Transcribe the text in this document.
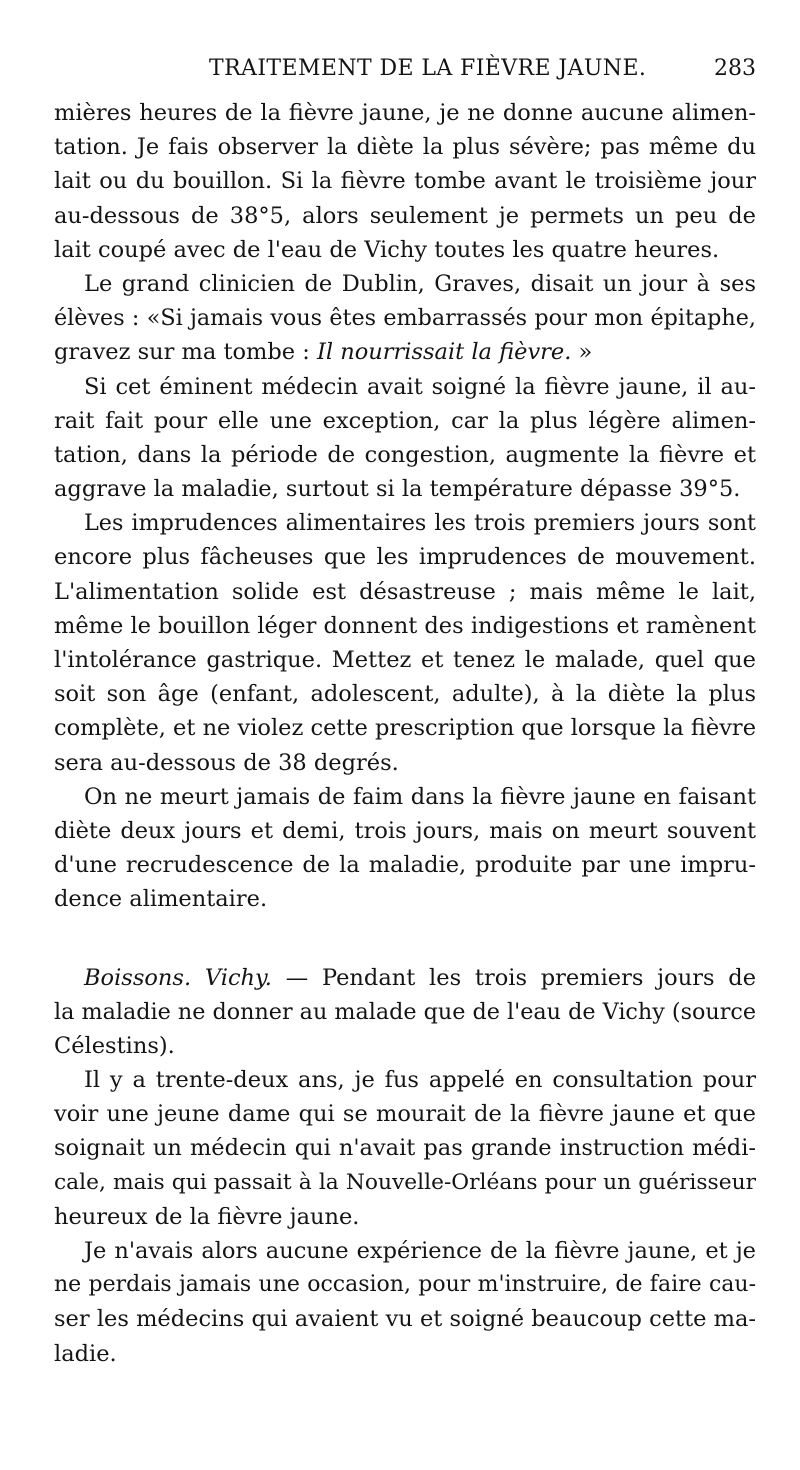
TRAITEMENT DE LA FIÈVRE JAUNE.	283
mières heures de la fièvre jaune, je ne donne aucune alimen-
tation. Je fais observer la diète la plus sévère; pas même du
lait ou du bouillon. Si la fièvre tombe avant le troisième jour
au-dessous de 38°5, alors seulement je permets un peu de
lait coupé avec de l'eau de Vichy toutes les quatre heures.
Le grand clinicien de Dublin, Graves, disait un jour à ses
élèves : «Si jamais vous êtes embarrassés pour mon épitaphe,
gravez sur ma tombe : Il nourrissait la fièvre. »
Si cet éminent médecin avait soigné la fièvre jaune, il au-
rait fait pour elle une exception, car la plus légère alimen-
tation, dans la période de congestion, augmente la fièvre et
aggrave la maladie, surtout si la température dépasse 39°5.
Les imprudences alimentaires les trois premiers jours sont
encore plus fâcheuses que les imprudences de mouvement.
L'alimentation solide est désastreuse ; mais même le lait,
même le bouillon léger donnent des indigestions et ramènent
l'intolérance gastrique. Mettez et tenez le malade, quel que
soit son âge (enfant, adolescent, adulte), à la diète la plus
complète, et ne violez cette prescription que lorsque la fièvre
sera au-dessous de 38 degrés.
On ne meurt jamais de faim dans la fièvre jaune en faisant
diète deux jours et demi, trois jours, mais on meurt souvent
d'une recrudescence de la maladie, produite par une impru-
dence alimentaire.
Boissons. Vichy. — Pendant les trois premiers jours de
la maladie ne donner au malade que de l'eau de Vichy (source
Célestins).
Il y a trente-deux ans, je fus appelé en consultation pour
voir une jeune dame qui se mourait de la fièvre jaune et que
soignait un médecin qui n'avait pas grande instruction médi-
cale, mais qui passait à la Nouvelle-Orléans pour un guérisseur
heureux de la fièvre jaune.
Je n'avais alors aucune expérience de la fièvre jaune, et je
ne perdais jamais une occasion, pour m'instruire, de faire cau-
ser les médecins qui avaient vu et soigné beaucoup cette ma-
ladie.
